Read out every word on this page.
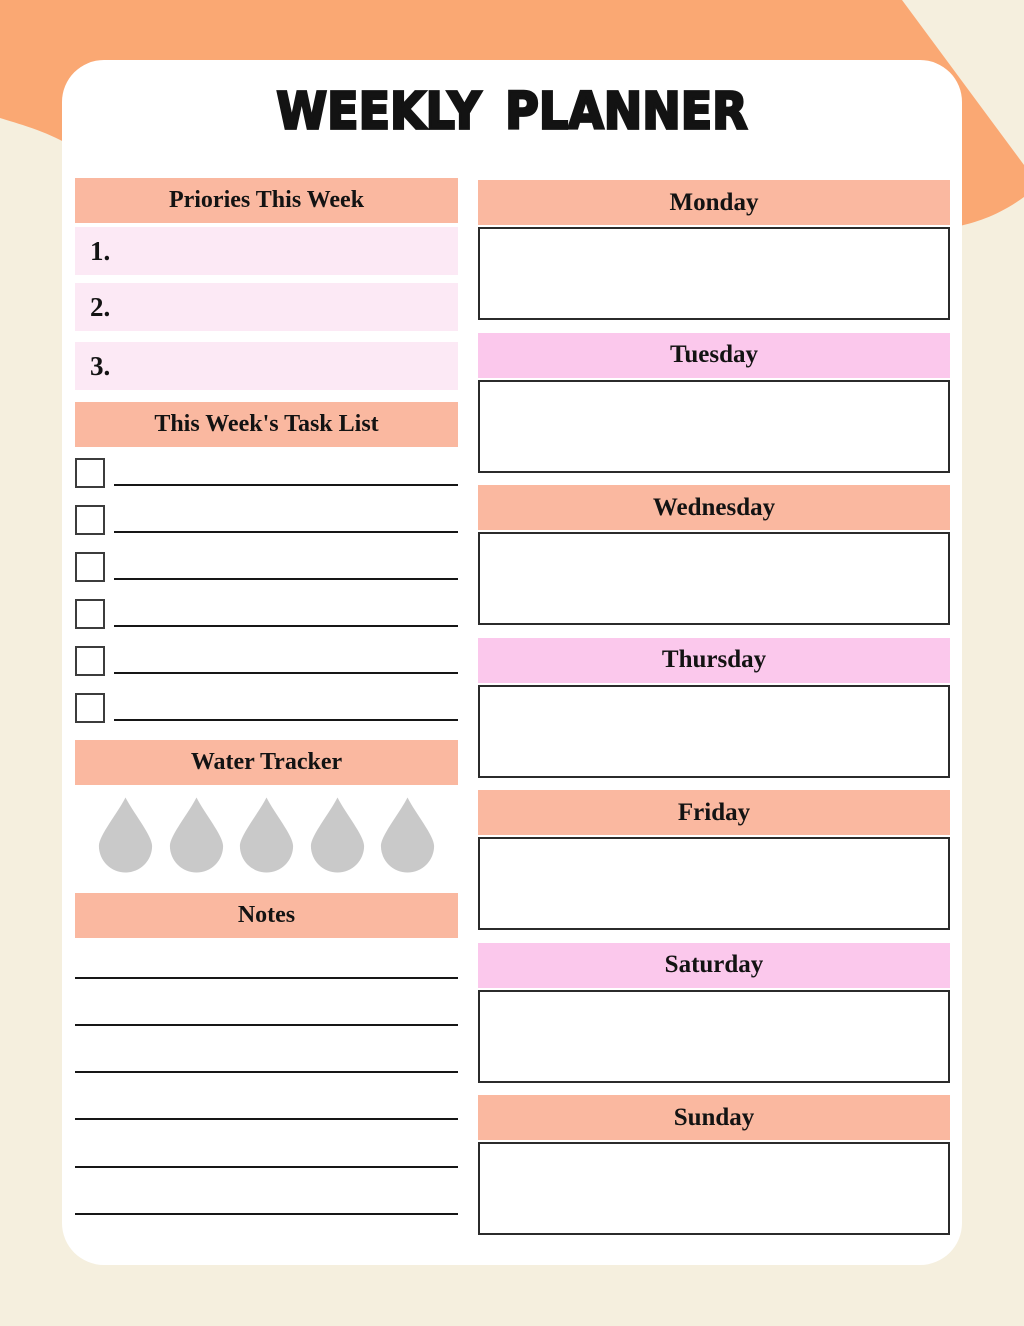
WEEKLY PLANNER
Priories This Week
1.
2.
3.
This Week's Task List
Water Tracker
Notes
Monday
Tuesday
Wednesday
Thursday
Friday
Saturday
Sunday
